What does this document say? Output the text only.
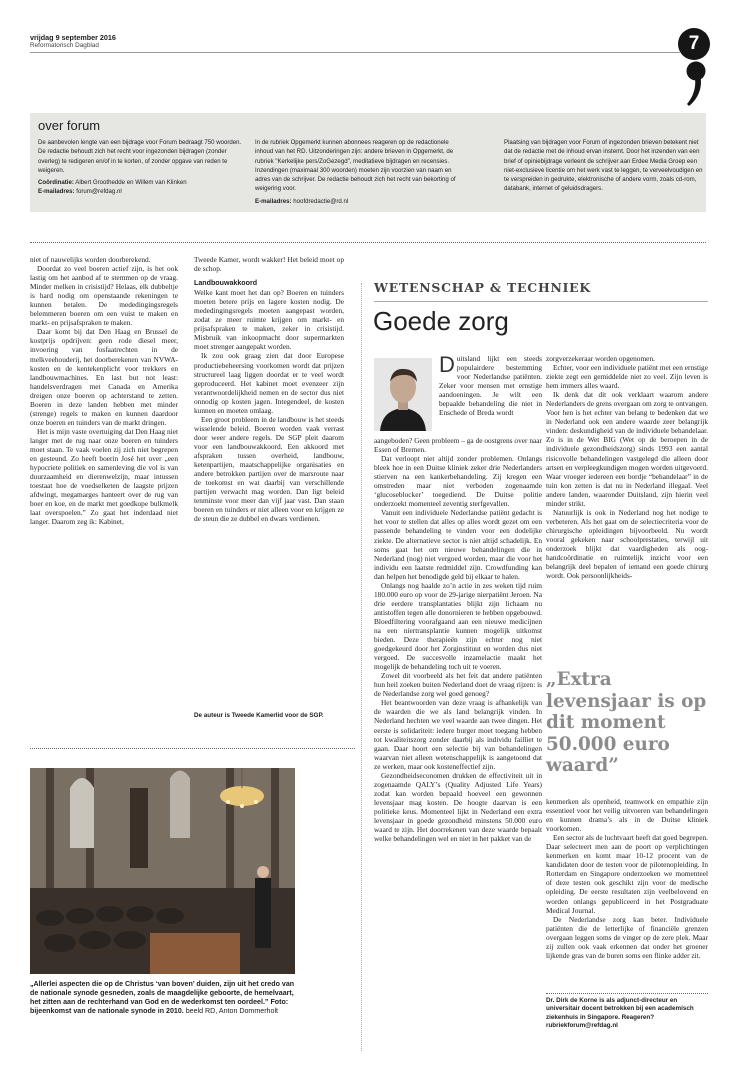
vrijdag 9 september 2016
Reformatorisch Dagblad	7
over forum

De aanbevolen lengte van een bijdrage voor Forum bedraagt 750 woorden. De redactie behoudt zich het recht voor ingezonden bijdragen (zonder overleg) te redigeren en/of in te korten, of zonder opgave van reden te weigeren.

Coördinatie: Albert Groothedde en Willem van Klinken

E-mailadres: forum@refdag.nl

In de rubriek Opgemerkt kunnen abonnees reageren op de redactionele inhoud van het RD. Uitzonderingen zijn: andere brieven in Opgemerkt, de rubriek "Kerkelijke pers/ZoGezegd", meditatieve bijdragen en recensies. Inzendingen (maximaal 300 woorden) moeten zijn voorzien van naam en adres van de schrijver. De redactie behoudt zich het recht van bekorting of weigering voor.

E-mailadres: hoofdredactie@rd.nl

Plaatsing van bijdragen voor Forum of ingezonden brieven betekent niet dat de redactie met de inhoud ervan instemt. Door het inzenden van een brief of opiniebijdrage verleent de schrijver aan Erdee Media Groep een niet-exclusieve licentie om het werk vast te leggen, te verveelvoudigen en te verspreiden in gedrukte, elektronische of andere vorm, zoals cd-rom, databank, internet of geluidsdragers.

niet of nauwelijks worden doorberekend.

Doordat zo veel boeren actief zijn, is het ook lastig om het aanbod af te stemmen op de vraag. Minder melken in crisistijd? Helaas, elk dubbeltje is hard nodig om openstaande rekeningen te kunnen betalen. De mededingingsregels belemmeren boeren om een vuist te maken en markt- en prijsafspraken te maken.

Daar komt bij dat Den Haag en Brussel de kostprijs opdrijven: geen rode diesel meer, invoering van fosfaatrechten in de melkveehouderij, het doorberekenen van NVWA-kosten en de kentekenplicht voor trekkers en landbouwmachines. En last but not least: handelsverdragen met Canada en Amerika dreigen onze boeren op achterstand te zetten. Boeren in deze landen hebben met minder (strenge) regels te maken en kunnen daardoor onze boeren en tuinders van de markt dringen.

Het is mijn vaste overtuiging dat Den Haag niet langer met de rug naar onze boeren en tuinders moet staan. Te vaak voelen zij zich niet begrepen en gesteund. Zo heeft boerin José het over „een hypocriete politiek en samenleving die vol is van duurzaamheid en dierenwelzijn, maar intussen toestaat hoe de voedselketen de laagste prijzen afdwingt, megamarges hanteert over de rug van boer en koe, en de markt met goedkope bulkmelk laat overspoelen.” Zo gaat het inderdaad niet langer. Daarom zeg ik: Kabinet,

Tweede Kamer, wordt wakker! Het beleid moet op de schop.

Landbouwakkoord

Welke kant moet het dan op? Boeren en tuinders moeten betere prijs en lagere kosten nodig. De mededingingsregels moeten aangepast worden, zodat ze meer ruimte krijgen om markt- en prijsafspraken te maken, zeker in crisistijd. Misbruik van inkoopmacht door supermarkten moet strenger aangepakt worden.

Ik zou ook graag zien dat door Europese productiebeheersing voorkomen wordt dat prijzen structureel laag liggen doordat er te veel wordt geproduceerd. Het kabinet moet evenzeer zijn verantwoordelijkheid nemen en de sector dus niet onnodig op kosten jagen. Integendeel, de kosten kunnen en moeten omlaag.

Een groot probleem in de landbouw is het steeds wisselende beleid. Boeren worden vaak verrast door weer andere regels. De SGP pleit daarom voor een landbouwakkoord. Een akkoord met afspraken tussen overheid, landbouw, ketenpartijen, maatschappelijke organisaties en andere betrokken partijen over de marsroute naar de toekomst en wat daarbij van verschillende partijen verwacht mag worden. Dan ligt beleid tenminste voor meer dan vijf jaar vast. Dan staan boeren en tuinders er niet alleen voor en krijgen ze de steun die ze dubbel en dwars verdienen.

De auteur is Tweede Kamerlid voor de SGP.
„Allerlei aspecten die op de Christus ‘van boven’ duiden, zijn uit het credo van de nationale synode gesneden, zoals de maagdelijke geboorte, de hemelvaart, het zitten aan de rechterhand van God en de wederkomst ten oordeel.” Foto: bijeenkomst van de nationale synode in 2010. beeld RD, Anton Dommerholt
WETENSCHAP & TECHNIEK
Goede zorg
D uitsland lijkt een steeds populairdere bestemming voor Nederlandse patiënten. Zeker voor mensen met ernstige aandoeningen. Je wilt een bepaalde behandeling die niet in Enschede of Breda wordt

aangeboden? Geen probleem – ga de oostgrens over naar Essen of Bremen.

Dat verloopt niet altijd zonder problemen. Onlangs bleek hoe in een Duitse kliniek zeker drie Nederlanders stierven na een kankerbehandeling. Zij kregen een omstreden maar niet verboden zogenaamde ‘glucoseblocker’ toegediend. De Duitse politie onderzoekt momenteel zeventig sterfgevallen.

Vanuit een individuele Nederlandse patiënt gedacht is het voor te stellen dat alles op alles wordt gezet om een passende behandeling te vinden voor een dodelijke ziekte. De alternatieve sector is niet altijd schadelijk. En soms gaat het om nieuwe behandelingen die in Nederland (nog) niet vergoed worden, maar die voor het individu een laatste redmiddel zijn. Crowdfunding kan dan helpen het benodigde geld bij elkaar te halen.

Onlangs nog haalde zo’n actie in zes weken tijd ruim 180.000 euro op voor de 29-jarige nierpatiënt Jeroen. Na drie eerdere transplantaties blijkt zijn lichaam nu antistoffen tegen alle donornieren te hebben opgebouwd. Bloedfiltering voorafgaand aan een nieuwe medicijnen na een niertransplantie kunnen mogelijk uitkomst bieden. Deze therapieën zijn echter nog niet goedgekeurd door het Zorginstituut en worden dus niet vergoed. De succesvolle inzamelactie maakt het mogelijk de behandeling toch uit te voeren.

Zowel dit voorbeeld als het feit dat andere patiënten hun heil zoeken buiten Nederland doet de vraag rijzen: is de Nederlandse zorg wel goed genoeg?

Het beantwoorden van deze vraag is afhankelijk van de waarden die we als land belangrijk vinden. In Nederland hechten we veel waarde aan twee dingen. Het eerste is solidariteit: iedere burger moet toegang hebben tot kwaliteitszorg zonder daarbij als individu failliet te gaan. Daar hoort een selectie bij van behandelingen waarvan niet alleen wetenschappelijk is aangetoond dat ze werken, maar ook kosteneffectief zijn.

Gezondheidseconomen drukken de effectiviteit uit in zogenaamde QALY’s (Quality Adjusted Life Years) zodat kan worden bepaald hoeveel een gewonnen levensjaar mag kosten. De hoogte daarvan is een politieke keus. Momenteel lijkt in Nederland een extra levensjaar in goede gezondheid minstens 50.000 euro waard te zijn. Het doorrekenen van deze waarde bepaalt welke behandelingen wel en niet in het pakket van de

zorgverzekeraar worden opgenomen.

Echter, voor een individuele patiënt met een ernstige ziekte zegt een gemiddelde niet zo veel. Zijn leven is hem immers alles waard.

Ik denk dat dit ook verklaart waarom andere Nederlanders de grens overgaan om zorg te ontvangen. Voor hen is het echter van belang te bedenken dat we in Nederland ook een andere waarde zeer belangrijk vinden: deskundigheid van de individuele behandelaar. Zo is in de Wet BIG (Wet op de beroepen in de individuele gezondheidszorg) sinds 1993 een aantal risicovolle behandelingen vastgelegd die alleen door artsen en verpleegkundigen mogen worden uitgevoerd. Waar vroeger iedereen een bordje “behandelaar” in de tuin kon zetten is dat nu in Nederland illegaal. Veel andere landen, waaronder Duitsland, zijn hierin veel minder strikt.

Natuurlijk is ook in Nederland nog het nodige te verbeteren. Als het gaat om de selectiecriteria voor de chirurgische opleidingen bijvoorbeeld. Nu wordt vooral gekeken naar schoolprestaties, terwijl uit onderzoek blijkt dat vaardigheden als oog-handcoördinatie en ruimtelijk inzicht voor een belangrijk deel bepalen of iemand een goede chirurg wordt. Ook persoonlijkheids-

„Extra levensjaar is op dit moment 50.000 euro waard”

kenmerken als openheid, teamwork en empathie zijn essentieel voor het veilig uitvoeren van behandelingen en kunnen drama’s als in de Duitse kliniek voorkomen.

Een sector als de luchtvaart heeft dat goed begrepen. Daar selecteert men aan de poort op verplichtingen kenmerken en komt maar 10-12 procent van de kandidaten door de testen voor de pilotenopleiding. In Rotterdam en Singapore onderzoeken we momenteel of deze testen ook geschikt zijn voor de medische opleiding. De eerste resultaten zijn veelbelovend en worden onlangs gepubliceerd in het Postgraduate Medical Journal.

De Nederlandse zorg kan beter. Individuele patiënten die de letterlijke of financiële grenzen overgaan leggen soms de vinger op de zere plek. Maar zij zullen ook vaak erkennen dat onder het groener lijkende gras van de buren soms een flinke adder zit.

Dr. Dirk de Korne is als adjunct-directeur en universitair docent betrokken bij een academisch ziekenhuis in Singapore. Reageren? rubriekforum@refdag.nl
